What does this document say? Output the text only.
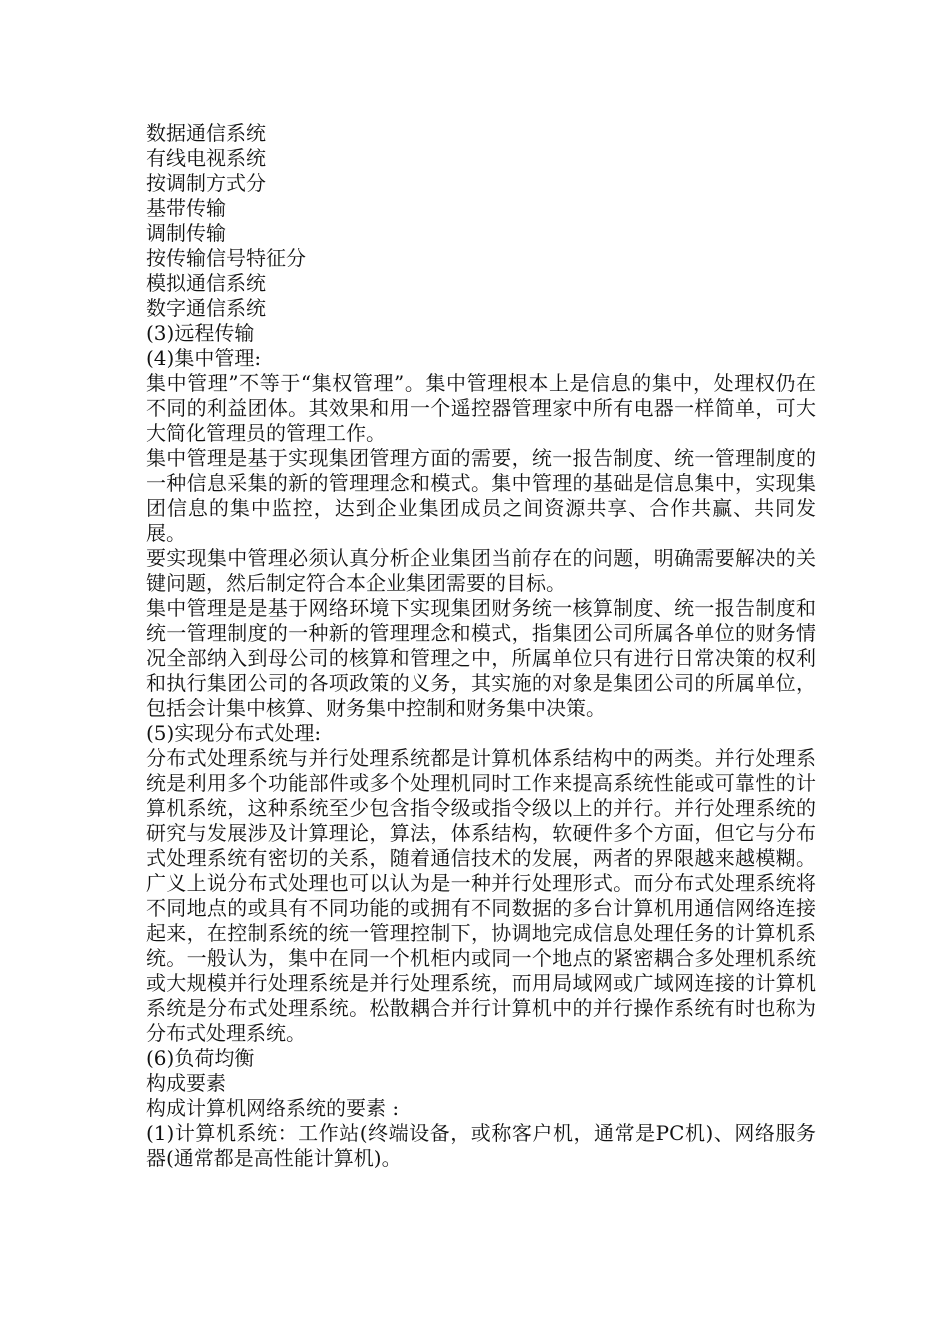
数据通信系统

有线电视系统

按调制方式分

基带传输

调制传输

按传输信号特征分

模拟通信系统

数字通信系统

(3)远程传输

(4)集中管理:

集中管理”不等于“集权管理”。集中管理根本上是信息的集中，处理权仍在不同的利益团体。其效果和用一个遥控器管理家中所有电器一样简单，可大大简化管理员的管理工作。

集中管理是基于实现集团管理方面的需要，统一报告制度、统一管理制度的一种信息采集的新的管理理念和模式。集中管理的基础是信息集中，实现集团信息的集中监控，达到企业集团成员之间资源共享、合作共赢、共同发展。

要实现集中管理必须认真分析企业集团当前存在的问题，明确需要解决的关键问题，然后制定符合本企业集团需要的目标。

集中管理是是基于网络环境下实现集团财务统一核算制度、统一报告制度和统一管理制度的一种新的管理理念和模式，指集团公司所属各单位的财务情况全部纳入到母公司的核算和管理之中，所属单位只有进行日常决策的权利和执行集团公司的各项政策的义务，其实施的对象是集团公司的所属单位，包括会计集中核算、财务集中控制和财务集中决策。

(5)实现分布式处理:

分布式处理系统与并行处理系统都是计算机体系结构中的两类。并行处理系统是利用多个功能部件或多个处理机同时工作来提高系统性能或可靠性的计算机系统，这种系统至少包含指令级或指令级以上的并行。并行处理系统的研究与发展涉及计算理论，算法，体系结构，软硬件多个方面，但它与分布式处理系统有密切的关系，随着通信技术的发展，两者的界限越来越模糊。广义上说分布式处理也可以认为是一种并行处理形式。而分布式处理系统将不同地点的或具有不同功能的或拥有不同数据的多台计算机用通信网络连接起来，在控制系统的统一管理控制下，协调地完成信息处理任务的计算机系统。一般认为，集中在同一个机柜内或同一个地点的紧密耦合多处理机系统或大规模并行处理系统是并行处理系统，而用局域网或广域网连接的计算机系统是分布式处理系统。松散耦合并行计算机中的并行操作系统有时也称为分布式处理系统。

(6)负荷均衡

构成要素

构成计算机网络系统的要素 :

(1)计算机系统：工作站(终端设备，或称客户机，通常是PC机)、网络服务器(通常都是高性能计算机)。
